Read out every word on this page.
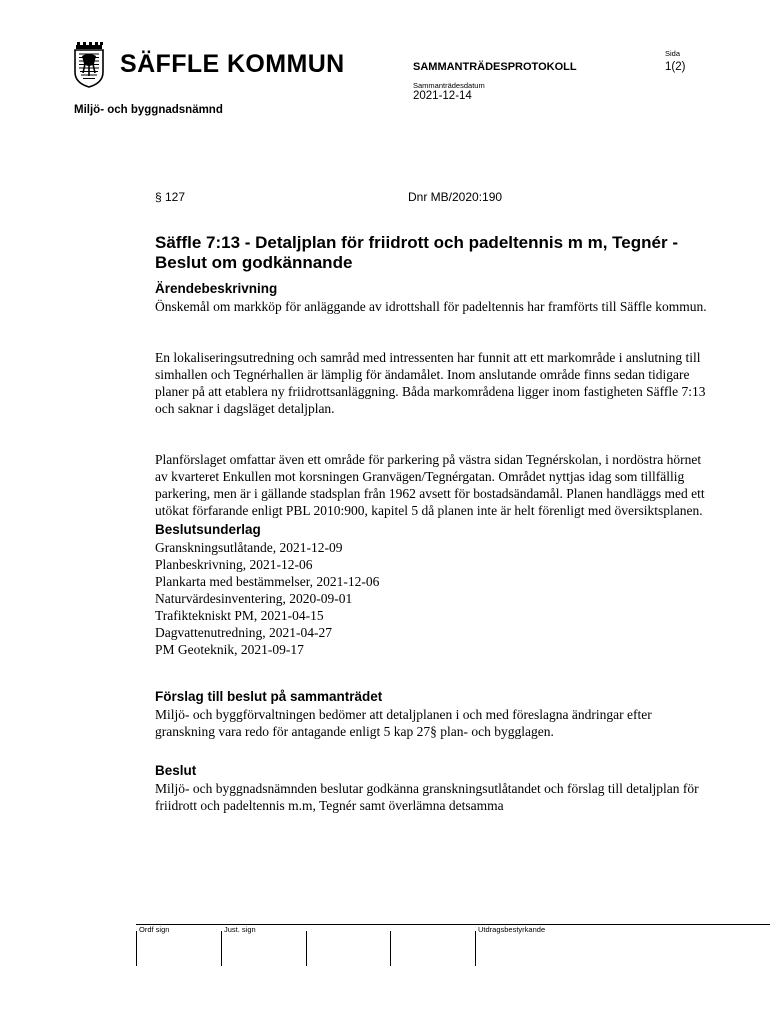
SÄFFLE KOMMUN
Miljö- och byggnadsnämnd
SAMMANTRÄDESPROTOKOLL
Sammanträdesdatum
2021-12-14
Sida
1(2)
§ 127	Dnr MB/2020:190
Säffle 7:13 - Detaljplan för friidrott och padeltennis m m, Tegnér - Beslut om godkännande
Ärendebeskrivning

Önskemål om markköp för anläggande av idrottshall för padeltennis har framförts till Säffle kommun.

En lokaliseringsutredning och samråd med intressenten har funnit att ett markområde i anslutning till simhallen och Tegnérhallen är lämplig för ändamålet. Inom anslutande område finns sedan tidigare planer på att etablera ny friidrottsanläggning. Båda markområdena ligger inom fastigheten Säffle 7:13 och saknar i dagsläget detaljplan.

Planförslaget omfattar även ett område för parkering på västra sidan Tegnérskolan, i nordöstra hörnet av kvarteret Enkullen mot korsningen Granvägen/Tegnérgatan. Området nyttjas idag som tillfällig parkering, men är i gällande stadsplan från 1962 avsett för bostadsändamål. Planen handläggs med ett utökat förfarande enligt PBL 2010:900, kapitel 5 då planen inte är helt förenligt med översiktsplanen.

Beslutsunderlag
Granskningsutlåtande, 2021-12-09
Planbeskrivning, 2021-12-06
Plankarta med bestämmelser, 2021-12-06
Naturvärdesinventering, 2020-09-01
Trafiktekniskt PM, 2021-04-15
Dagvattenutredning, 2021-04-27
PM Geoteknik, 2021-09-17
Förslag till beslut på sammanträdet

Miljö- och byggförvaltningen bedömer att detaljplanen i och med föreslagna ändringar efter granskning vara redo för antagande enligt 5 kap 27§ plan- och bygglagen.

Beslut

Miljö- och byggnadsnämnden beslutar godkänna granskningsutlåtandet och förslag till detaljplan för friidrott och padeltennis m.m, Tegnér samt överlämna detsamma

Ordf sign	Just. sign	Utdragsbestyrkande
